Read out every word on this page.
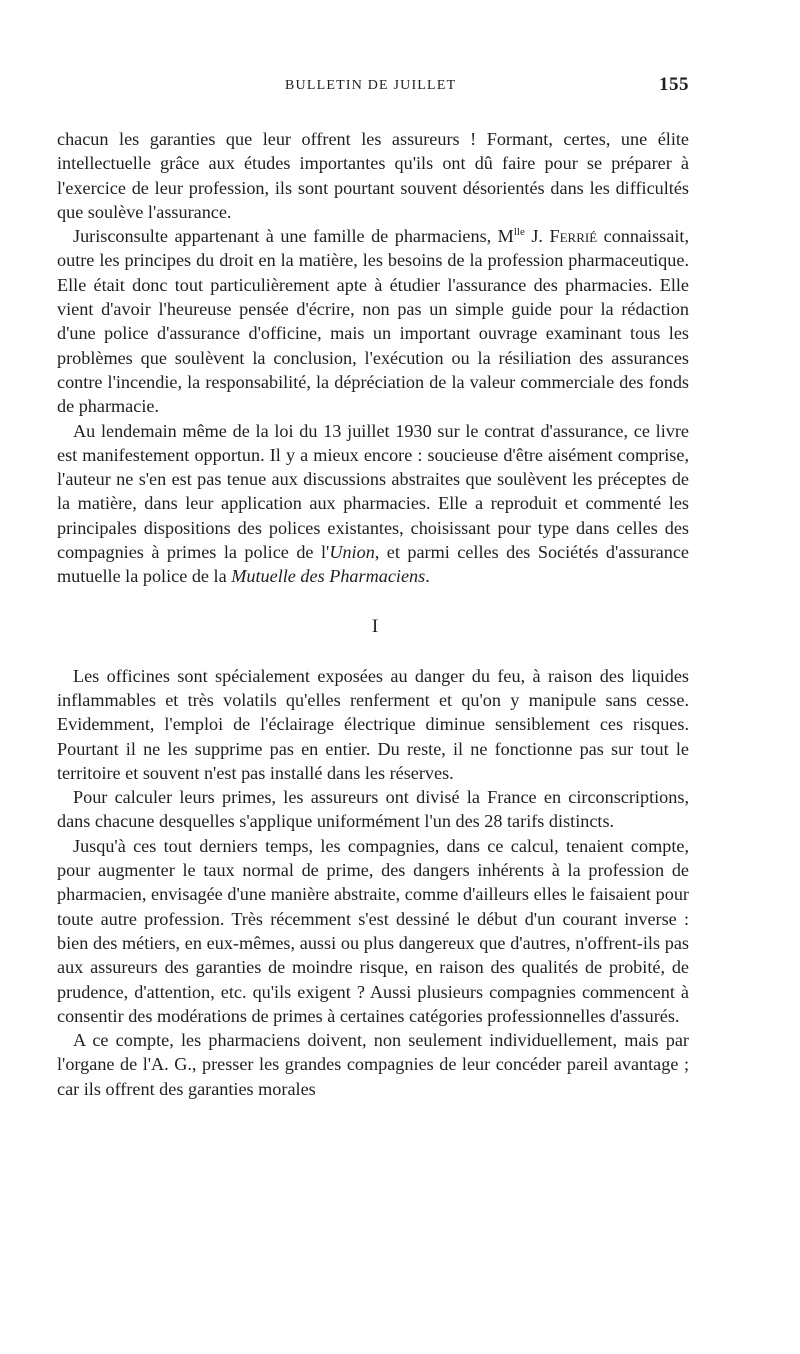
BULLETIN DE JUILLET	155

chacun les garanties que leur offrent les assureurs ! Formant, certes, une élite intellectuelle grâce aux études importantes qu'ils ont dû faire pour se préparer à l'exercice de leur profession, ils sont pourtant souvent désorientés dans les difficultés que soulève l'assurance.

Jurisconsulte appartenant à une famille de pharmaciens, $M^{lle}$ J. Ferrié connaissait, outre les principes du droit en la matière, les besoins de la profession pharmaceutique. Elle était donc tout particulièrement apte à étudier l'assurance des pharmacies. Elle vient d'avoir l'heureuse pensée d'écrire, non pas un simple guide pour la rédaction d'une police d'assurance d'officine, mais un important ouvrage examinant tous les problèmes que soulèvent la conclusion, l'exécution ou la résiliation des assurances contre l'incendie, la responsabilité, la dépréciation de la valeur commerciale des fonds de pharmacie.

Au lendemain même de la loi du 13 juillet 1930 sur le contrat d'assurance, ce livre est manifestement opportun. Il y a mieux encore : soucieuse d'être aisément comprise, l'auteur ne s'en est pas tenue aux discussions abstraites que soulèvent les préceptes de la matière, dans leur application aux pharmacies. Elle a reproduit et commenté les principales dispositions des polices existantes, choisissant pour type dans celles des compagnies à primes la police de l'Union, et parmi celles des Sociétés d'assurance mutuelle la police de la Mutuelle des Pharmaciens.

I

Les officines sont spécialement exposées au danger du feu, à raison des liquides inflammables et très volatils qu'elles renferment et qu'on y manipule sans cesse. Evidemment, l'emploi de l'éclairage électrique diminue sensiblement ces risques. Pourtant il ne les supprime pas en entier. Du reste, il ne fonctionne pas sur tout le territoire et souvent n'est pas installé dans les réserves.

Pour calculer leurs primes, les assureurs ont divisé la France en circonscriptions, dans chacune desquelles s'applique uniformément l'un des 28 tarifs distincts.

Jusqu'à ces tout derniers temps, les compagnies, dans ce calcul, tenaient compte, pour augmenter le taux normal de prime, des dangers inhérents à la profession de pharmacien, envisagée d'une manière abstraite, comme d'ailleurs elles le faisaient pour toute autre profession. Très récemment s'est dessiné le début d'un courant inverse : bien des métiers, en eux-mêmes, aussi ou plus dangereux que d'autres, n'offrent-ils pas aux assureurs des garanties de moindre risque, en raison des qualités de probité, de prudence, d'attention, etc. qu'ils exigent ? Aussi plusieurs compagnies commencent à consentir des modérations de primes à certaines catégories professionnelles d'assurés.

A ce compte, les pharmaciens doivent, non seulement individuellement, mais par l'organe de l'A. G., presser les grandes compagnies de leur concéder pareil avantage ; car ils offrent des garanties morales
